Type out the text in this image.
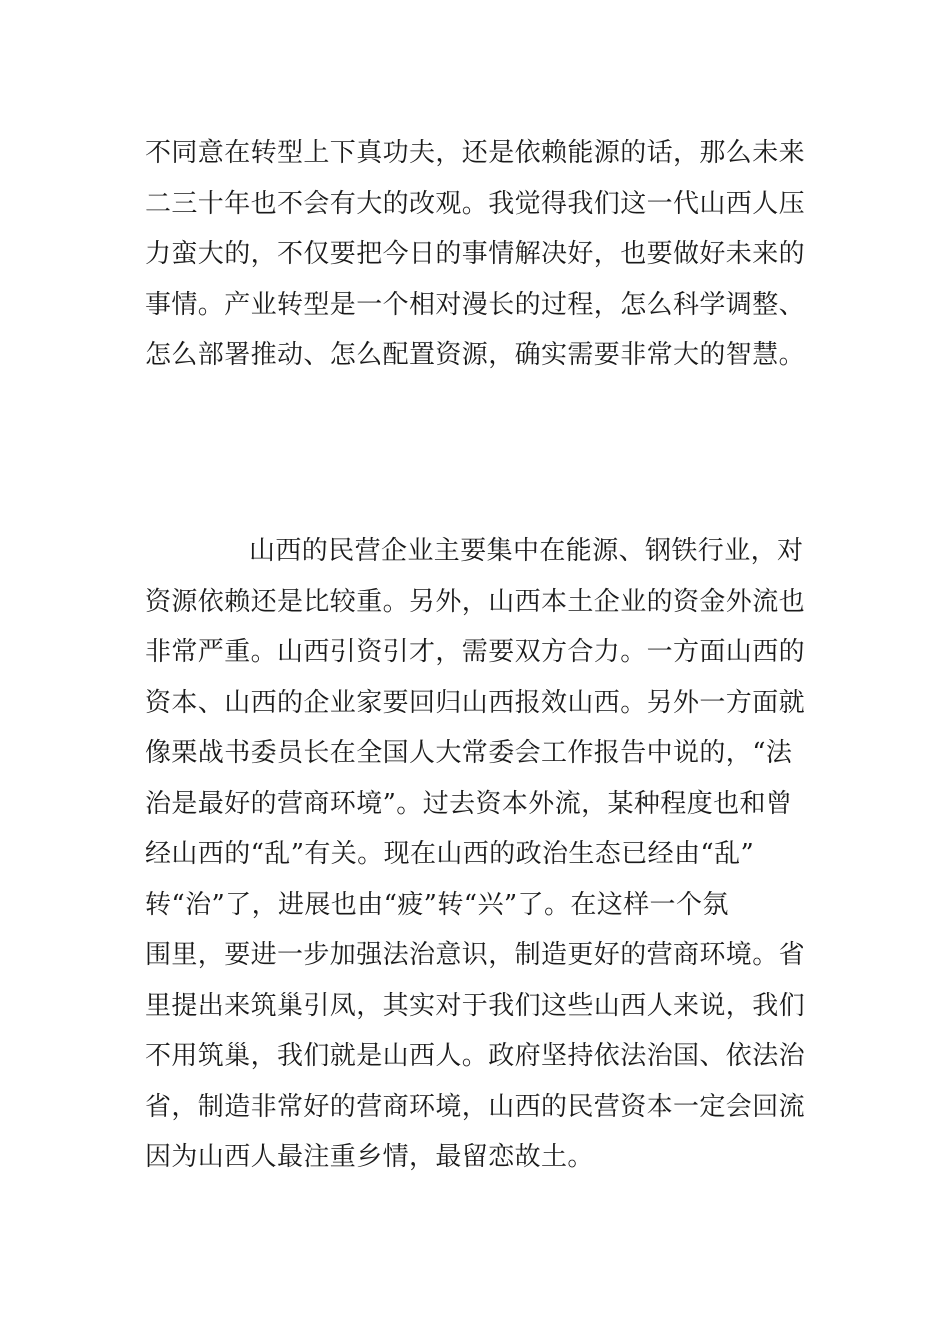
不同意在转型上下真功夫，还是依赖能源的话，那么未来
二三十年也不会有大的改观。我觉得我们这一代山西人压
力蛮大的，不仅要把今日的事情解决好，也要做好未来的
事情。产业转型是一个相对漫长的过程，怎么科学调整、
怎么部署推动、怎么配置资源，确实需要非常大的智慧。
山西的民营企业主要集中在能源、钢铁行业，对
资源依赖还是比较重。另外，山西本土企业的资金外流也
非常严重。山西引资引才，需要双方合力。一方面山西的
资本、山西的企业家要回归山西报效山西。另外一方面就
像栗战书委员长在全国人大常委会工作报告中说的，“法
治是最好的营商环境”。过去资本外流，某种程度也和曾
经山西的“乱”有关。现在山西的政治生态已经由“乱”
转“治”了，进展也由“疲”转“兴”了。在这样一个氛
围里，要进一步加强法治意识，制造更好的营商环境。省
里提出来筑巢引凤，其实对于我们这些山西人来说，我们
不用筑巢，我们就是山西人。政府坚持依法治国、依法治
省，制造非常好的营商环境，山西的民营资本一定会回流
因为山西人最注重乡情，最留恋故土。
